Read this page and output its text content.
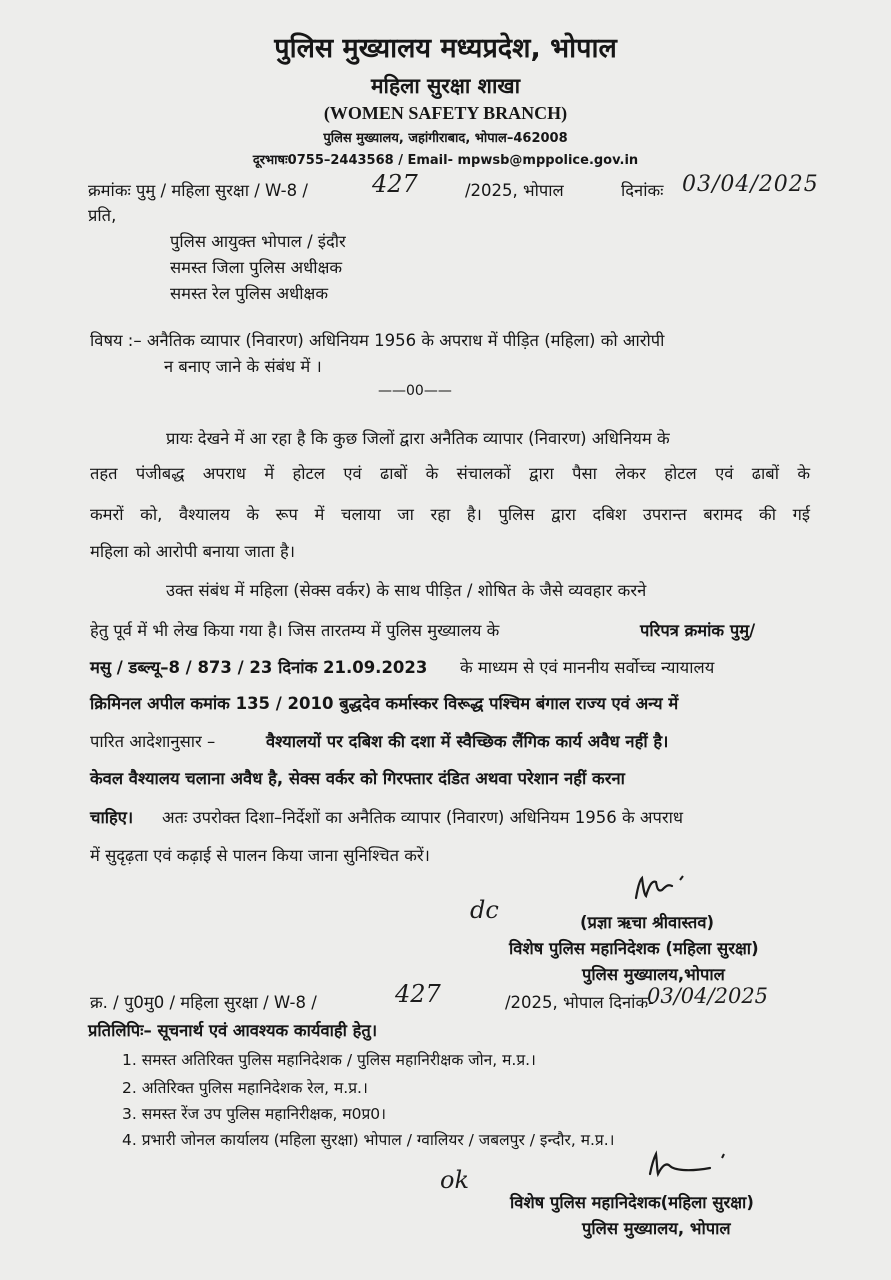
पुलिस मुख्यालय मध्यप्रदेश, भोपाल
महिला सुरक्षा शाखा
(WOMEN SAFETY BRANCH)
पुलिस मुख्यालय, जहांगीराबाद, भोपाल–462008
दूरभाषः0755–2443568 / Email- mpwsb@mppolice.gov.in
क्रमांकः पुमु / महिला सुरक्षा / W-8 /	427	/2025, भोपाल	दिनांकः 03/04/2025
प्रति,
पुलिस आयुक्त भोपाल / इंदौर
समस्त जिला पुलिस अधीक्षक
समस्त रेल पुलिस अधीक्षक
विषय :– अनैतिक व्यापार (निवारण) अधिनियम 1956 के अपराध में पीड़ित (महिला) को आरोपी
न बनाए जाने के संबंध में ।
——00——
प्रायः देखने में आ रहा है कि कुछ जिलों द्वारा अनैतिक व्यापार (निवारण) अधिनियम के
तहत पंजीबद्ध अपराध में होटल एवं ढाबों के संचालकों द्वारा पैसा लेकर होटल एवं ढाबों के
कमरों को, वैश्यालय के रूप में चलाया जा रहा है। पुलिस द्वारा दबिश उपरान्त बरामद की गई
महिला को आरोपी बनाया जाता है।
उक्त संबंध में महिला (सेक्स वर्कर) के साथ पीड़ित / शोषित के जैसे व्यवहार करने
हेतु पूर्व में भी लेख किया गया है। जिस तारतम्य में पुलिस मुख्यालय के	परिपत्र क्रमांक पुमु/
मसु / डब्ल्यू–8 / 873 / 23 दिनांक 21.09.2023 के माध्यम से एवं माननीय सर्वोच्च न्यायालय
क्रिमिनल अपील कमांक 135 / 2010 बुद्धदेव कर्मास्कर विरूद्ध पश्चिम बंगाल राज्य एवं अन्य में
पारित आदेशानुसार –	वैश्यालयों पर दबिश की दशा में स्वैच्छिक लैंगिक कार्य अवैध नहीं है।
केवल वैश्यालय चलाना अवैध है, सेक्स वर्कर को गिरफ्तार दंडित अथवा परेशान नहीं करना
चाहिए। अतः उपरोक्त दिशा–निर्देशों का अनैतिक व्यापार (निवारण) अधिनियम 1956 के अपराध
में सुदृढ़ता एवं कढ़ाई से पालन किया जाना सुनिश्चित करें।
dc	(प्रज्ञा ऋचा श्रीवास्तव)
विशेष पुलिस महानिदेशक (महिला सुरक्षा)
पुलिस मुख्यालय,भोपाल
क्र. / पु0मु0 / महिला सुरक्षा / W-8 /	427	/2025, भोपाल दिनांक-
03/04/2025
प्रतिलिपिः– सूचनार्थ एवं आवश्यक कार्यवाही हेतु।
1. समस्त अतिरिक्त पुलिस महानिदेशक / पुलिस महानिरीक्षक जोन, म.प्र.।
2. अतिरिक्त पुलिस महानिदेशक रेल, म.प्र.।
3. समस्त रेंज उप पुलिस महानिरीक्षक, म0प्र0।
4. प्रभारी जोनल कार्यालय (महिला सुरक्षा) भोपाल / ग्वालियर / जबलपुर / इन्दौर, म.प्र.।
ok
विशेष पुलिस महानिदेशक(महिला सुरक्षा)
पुलिस मुख्यालय, भोपाल
